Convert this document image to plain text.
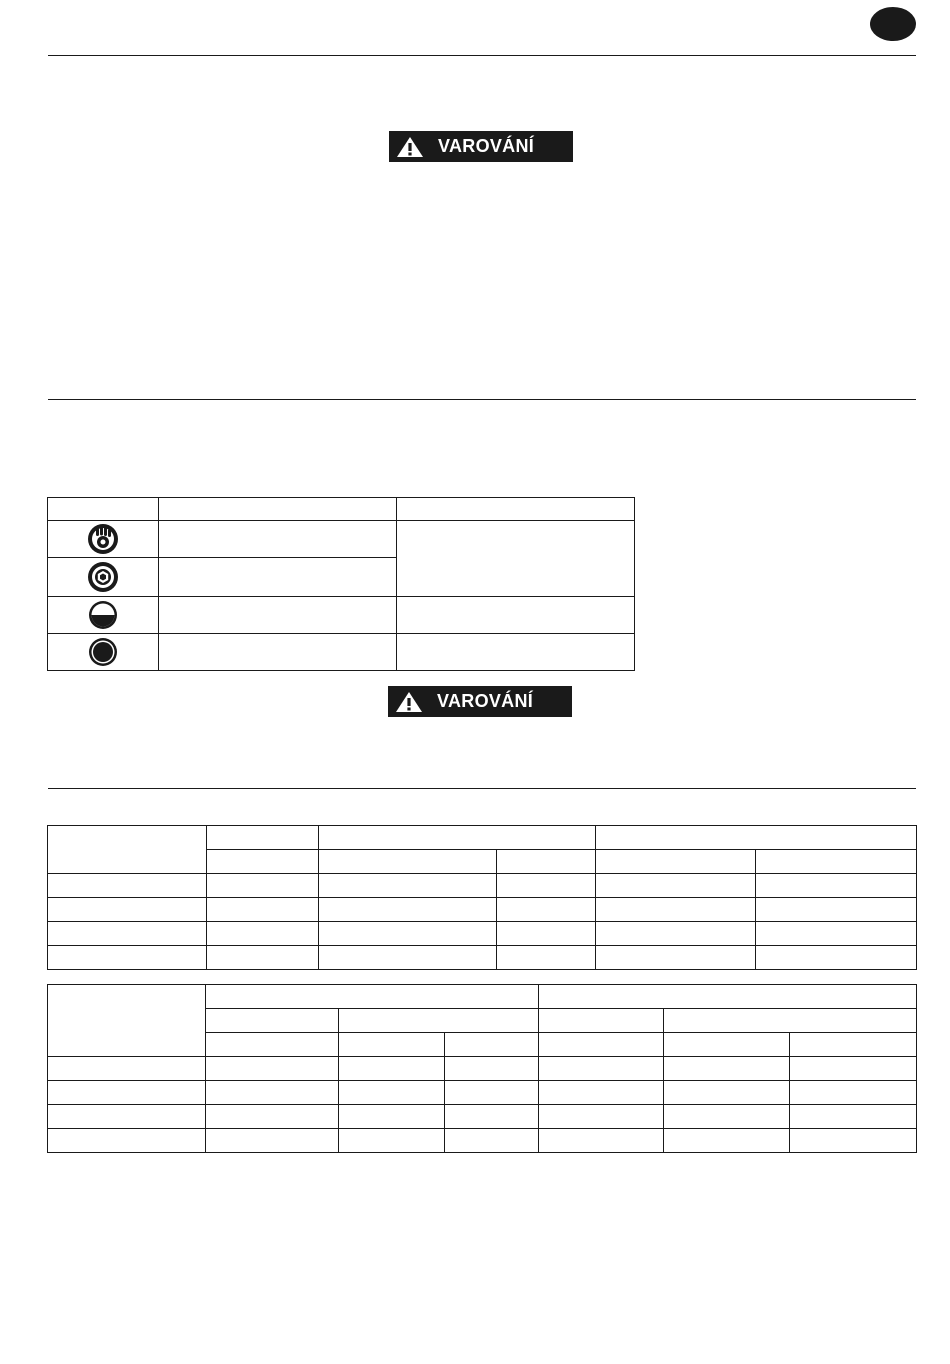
VAROVÁNÍ

VAROVÁNÍ
